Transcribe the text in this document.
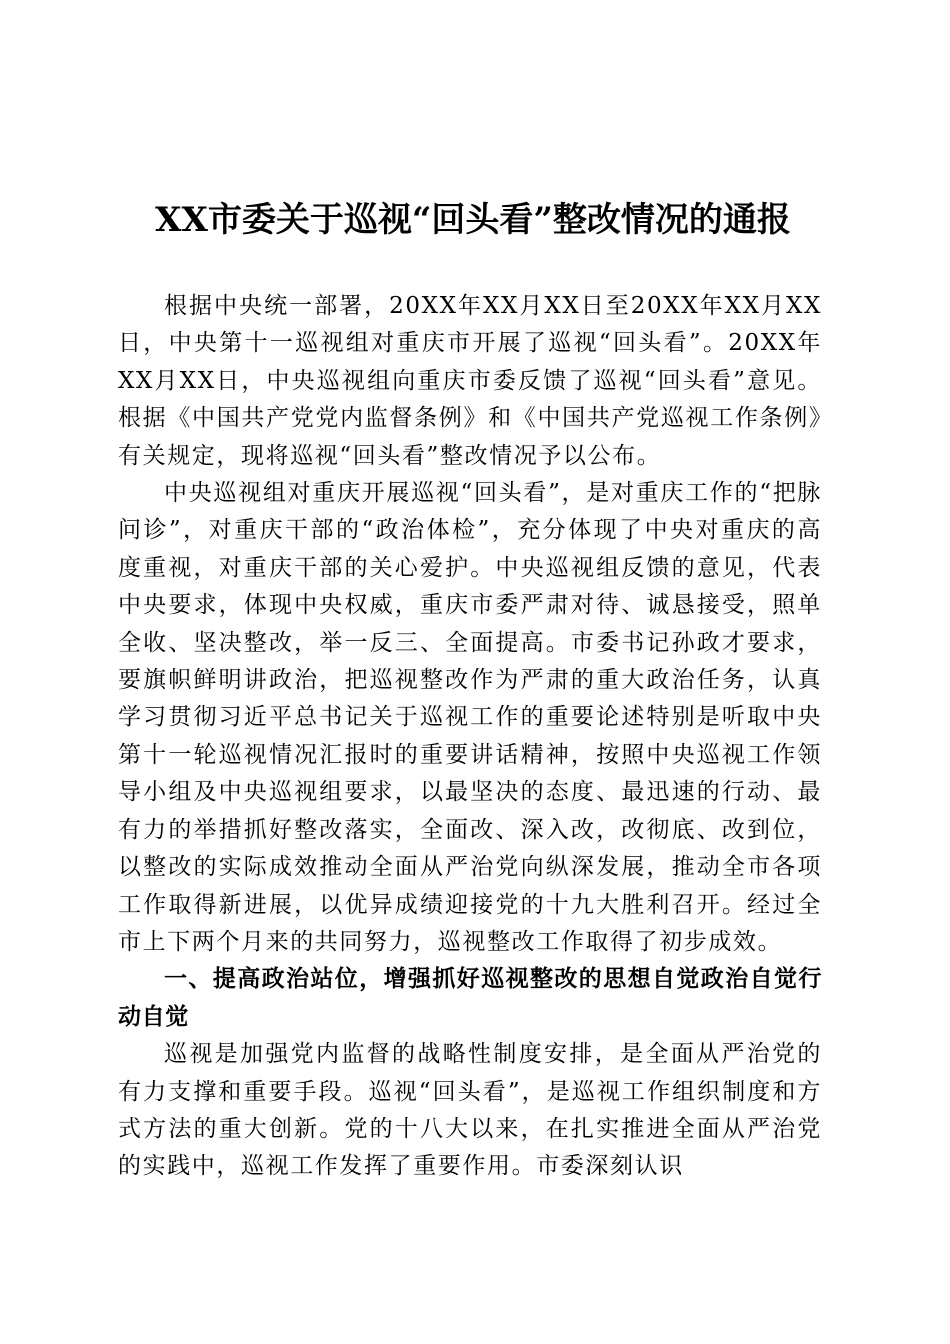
XX市委关于巡视“回头看”整改情况的通报

根据中央统一部署，20XX年XX月XX日至20XX年XX月XX日，中央第十一巡视组对重庆市开展了巡视“回头看”。20XX年XX月XX日，中央巡视组向重庆市委反馈了巡视“回头看”意见。根据《中国共产党党内监督条例》和《中国共产党巡视工作条例》有关规定，现将巡视“回头看”整改情况予以公布。

中央巡视组对重庆开展巡视“回头看”，是对重庆工作的“把脉问诊”，对重庆干部的“政治体检”，充分体现了中央对重庆的高度重视，对重庆干部的关心爱护。中央巡视组反馈的意见，代表中央要求，体现中央权威，重庆市委严肃对待、诚恳接受，照单全收、坚决整改，举一反三、全面提高。市委书记孙政才要求，要旗帜鲜明讲政治，把巡视整改作为严肃的重大政治任务，认真学习贯彻习近平总书记关于巡视工作的重要论述特别是听取中央第十一轮巡视情况汇报时的重要讲话精神，按照中央巡视工作领导小组及中央巡视组要求，以最坚决的态度、最迅速的行动、最有力的举措抓好整改落实，全面改、深入改，改彻底、改到位，以整改的实际成效推动全面从严治党向纵深发展，推动全市各项工作取得新进展，以优异成绩迎接党的十九大胜利召开。经过全市上下两个月来的共同努力，巡视整改工作取得了初步成效。

一、提高政治站位，增强抓好巡视整改的思想自觉政治自觉行动自觉

巡视是加强党内监督的战略性制度安排，是全面从严治党的有力支撑和重要手段。巡视“回头看”，是巡视工作组织制度和方式方法的重大创新。党的十八大以来，在扎实推进全面从严治党的实践中，巡视工作发挥了重要作用。市委深刻认识
